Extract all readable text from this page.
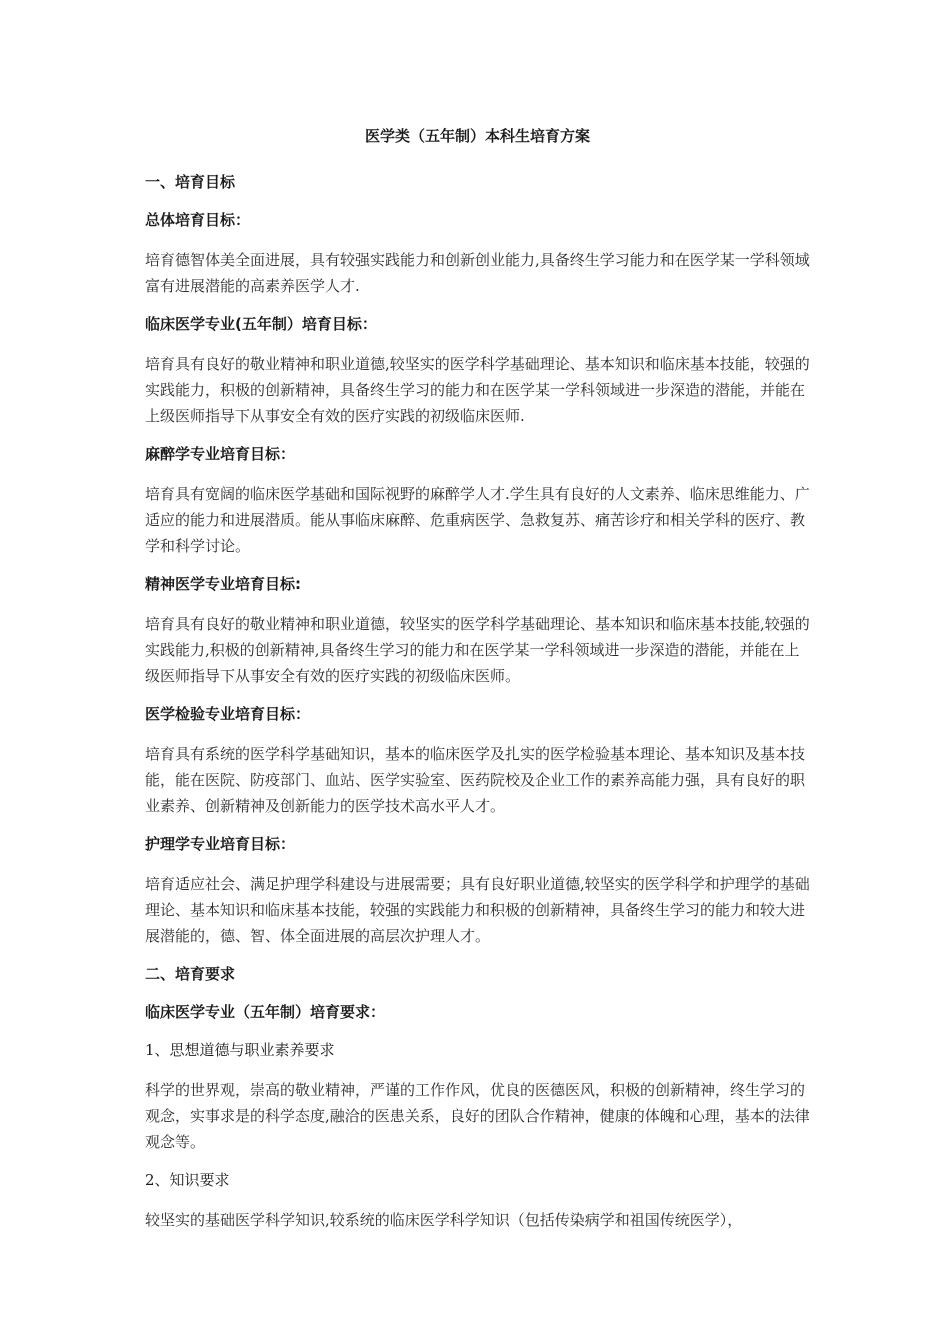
医学类（五年制）本科生培育方案
一、培育目标
总体培育目标：
培育德智体美全面进展，具有较强实践能力和创新创业能力,具备终生学习能力和在医学某一学科领域富有进展潜能的高素养医学人才.
临床医学专业(五年制）培育目标：
培育具有良好的敬业精神和职业道德,较坚实的医学科学基础理论、基本知识和临床基本技能，较强的实践能力，积极的创新精神，具备终生学习的能力和在医学某一学科领域进一步深造的潜能，并能在上级医师指导下从事安全有效的医疗实践的初级临床医师.
麻醉学专业培育目标：
培育具有宽阔的临床医学基础和国际视野的麻醉学人才.学生具有良好的人文素养、临床思维能力、广适应的能力和进展潜质。能从事临床麻醉、危重病医学、急救复苏、痛苦诊疗和相关学科的医疗、教学和科学讨论。
精神医学专业培育目标:
培育具有良好的敬业精神和职业道德，较坚实的医学科学基础理论、基本知识和临床基本技能,较强的实践能力,积极的创新精神,具备终生学习的能力和在医学某一学科领域进一步深造的潜能，并能在上级医师指导下从事安全有效的医疗实践的初级临床医师。
医学检验专业培育目标：
培育具有系统的医学科学基础知识，基本的临床医学及扎实的医学检验基本理论、基本知识及基本技能，能在医院、防疫部门、血站、医学实验室、医药院校及企业工作的素养高能力强，具有良好的职业素养、创新精神及创新能力的医学技术高水平人才。
护理学专业培育目标：
培育适应社会、满足护理学科建设与进展需要；具有良好职业道德,较坚实的医学科学和护理学的基础理论、基本知识和临床基本技能，较强的实践能力和积极的创新精神，具备终生学习的能力和较大进展潜能的，德、智、体全面进展的高层次护理人才。
二、培育要求
临床医学专业（五年制）培育要求：
1、思想道德与职业素养要求
科学的世界观，崇高的敬业精神，严谨的工作作风，优良的医德医风，积极的创新精神，终生学习的观念，实事求是的科学态度,融洽的医患关系，良好的团队合作精神，健康的体魄和心理，基本的法律观念等。
2、知识要求
较坚实的基础医学科学知识,较系统的临床医学科学知识（包括传染病学和祖国传统医学），
